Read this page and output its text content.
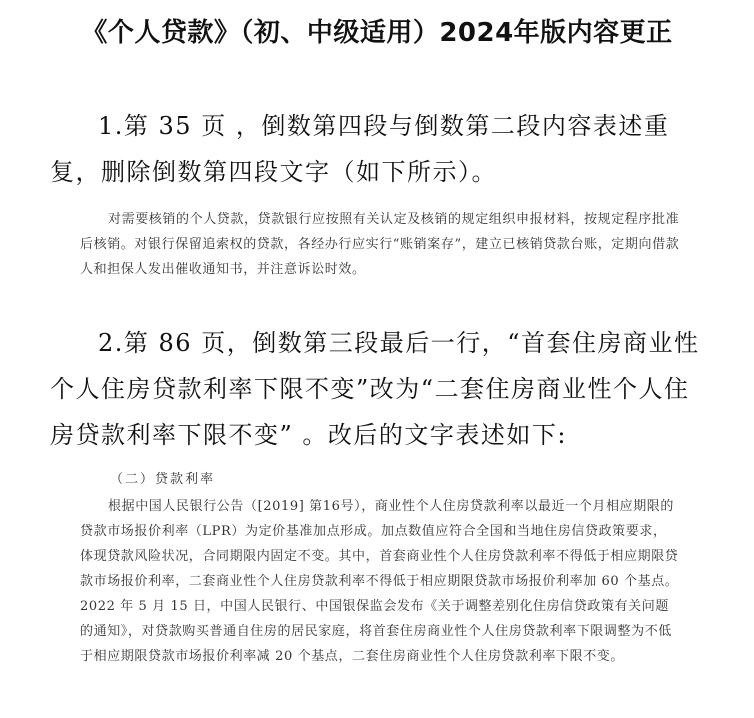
《个人贷款》（初、中级适用）2024年版内容更正
1.第 35 页 ，倒数第四段与倒数第二段内容表述重复，删除倒数第四段文字（如下所示）。
对需要核销的个人贷款，贷款银行应按照有关认定及核销的规定组织申报材料，按规定程序批准后核销。对银行保留追索权的贷款，各经办行应实行“账销案存”，建立已核销贷款台账，定期向借款人和担保人发出催收通知书，并注意诉讼时效。
2.第 86 页，倒数第三段最后一行，“首套住房商业性个人住房贷款利率下限不变”改为“二套住房商业性个人住房贷款利率下限不变” 。改后的文字表述如下:
（二）贷款利率
根据中国人民银行公告（[2019] 第16号），商业性个人住房贷款利率以最近一个月相应期限的贷款市场报价利率（LPR）为定价基准加点形成。加点数值应符合全国和当地住房信贷政策要求，体现贷款风险状况，合同期限内固定不变。其中，首套商业性个人住房贷款利率不得低于相应期限贷款市场报价利率，二套商业性个人住房贷款利率不得低于相应期限贷款市场报价利率加 60 个基点。2022 年 5 月 15 日，中国人民银行、中国银保监会发布《关于调整差别化住房信贷政策有关问题的通知》，对贷款购买普通自住房的居民家庭，将首套住房商业性个人住房贷款利率下限调整为不低于相应期限贷款市场报价利率减 20 个基点，二套住房商业性个人住房贷款利率下限不变。
